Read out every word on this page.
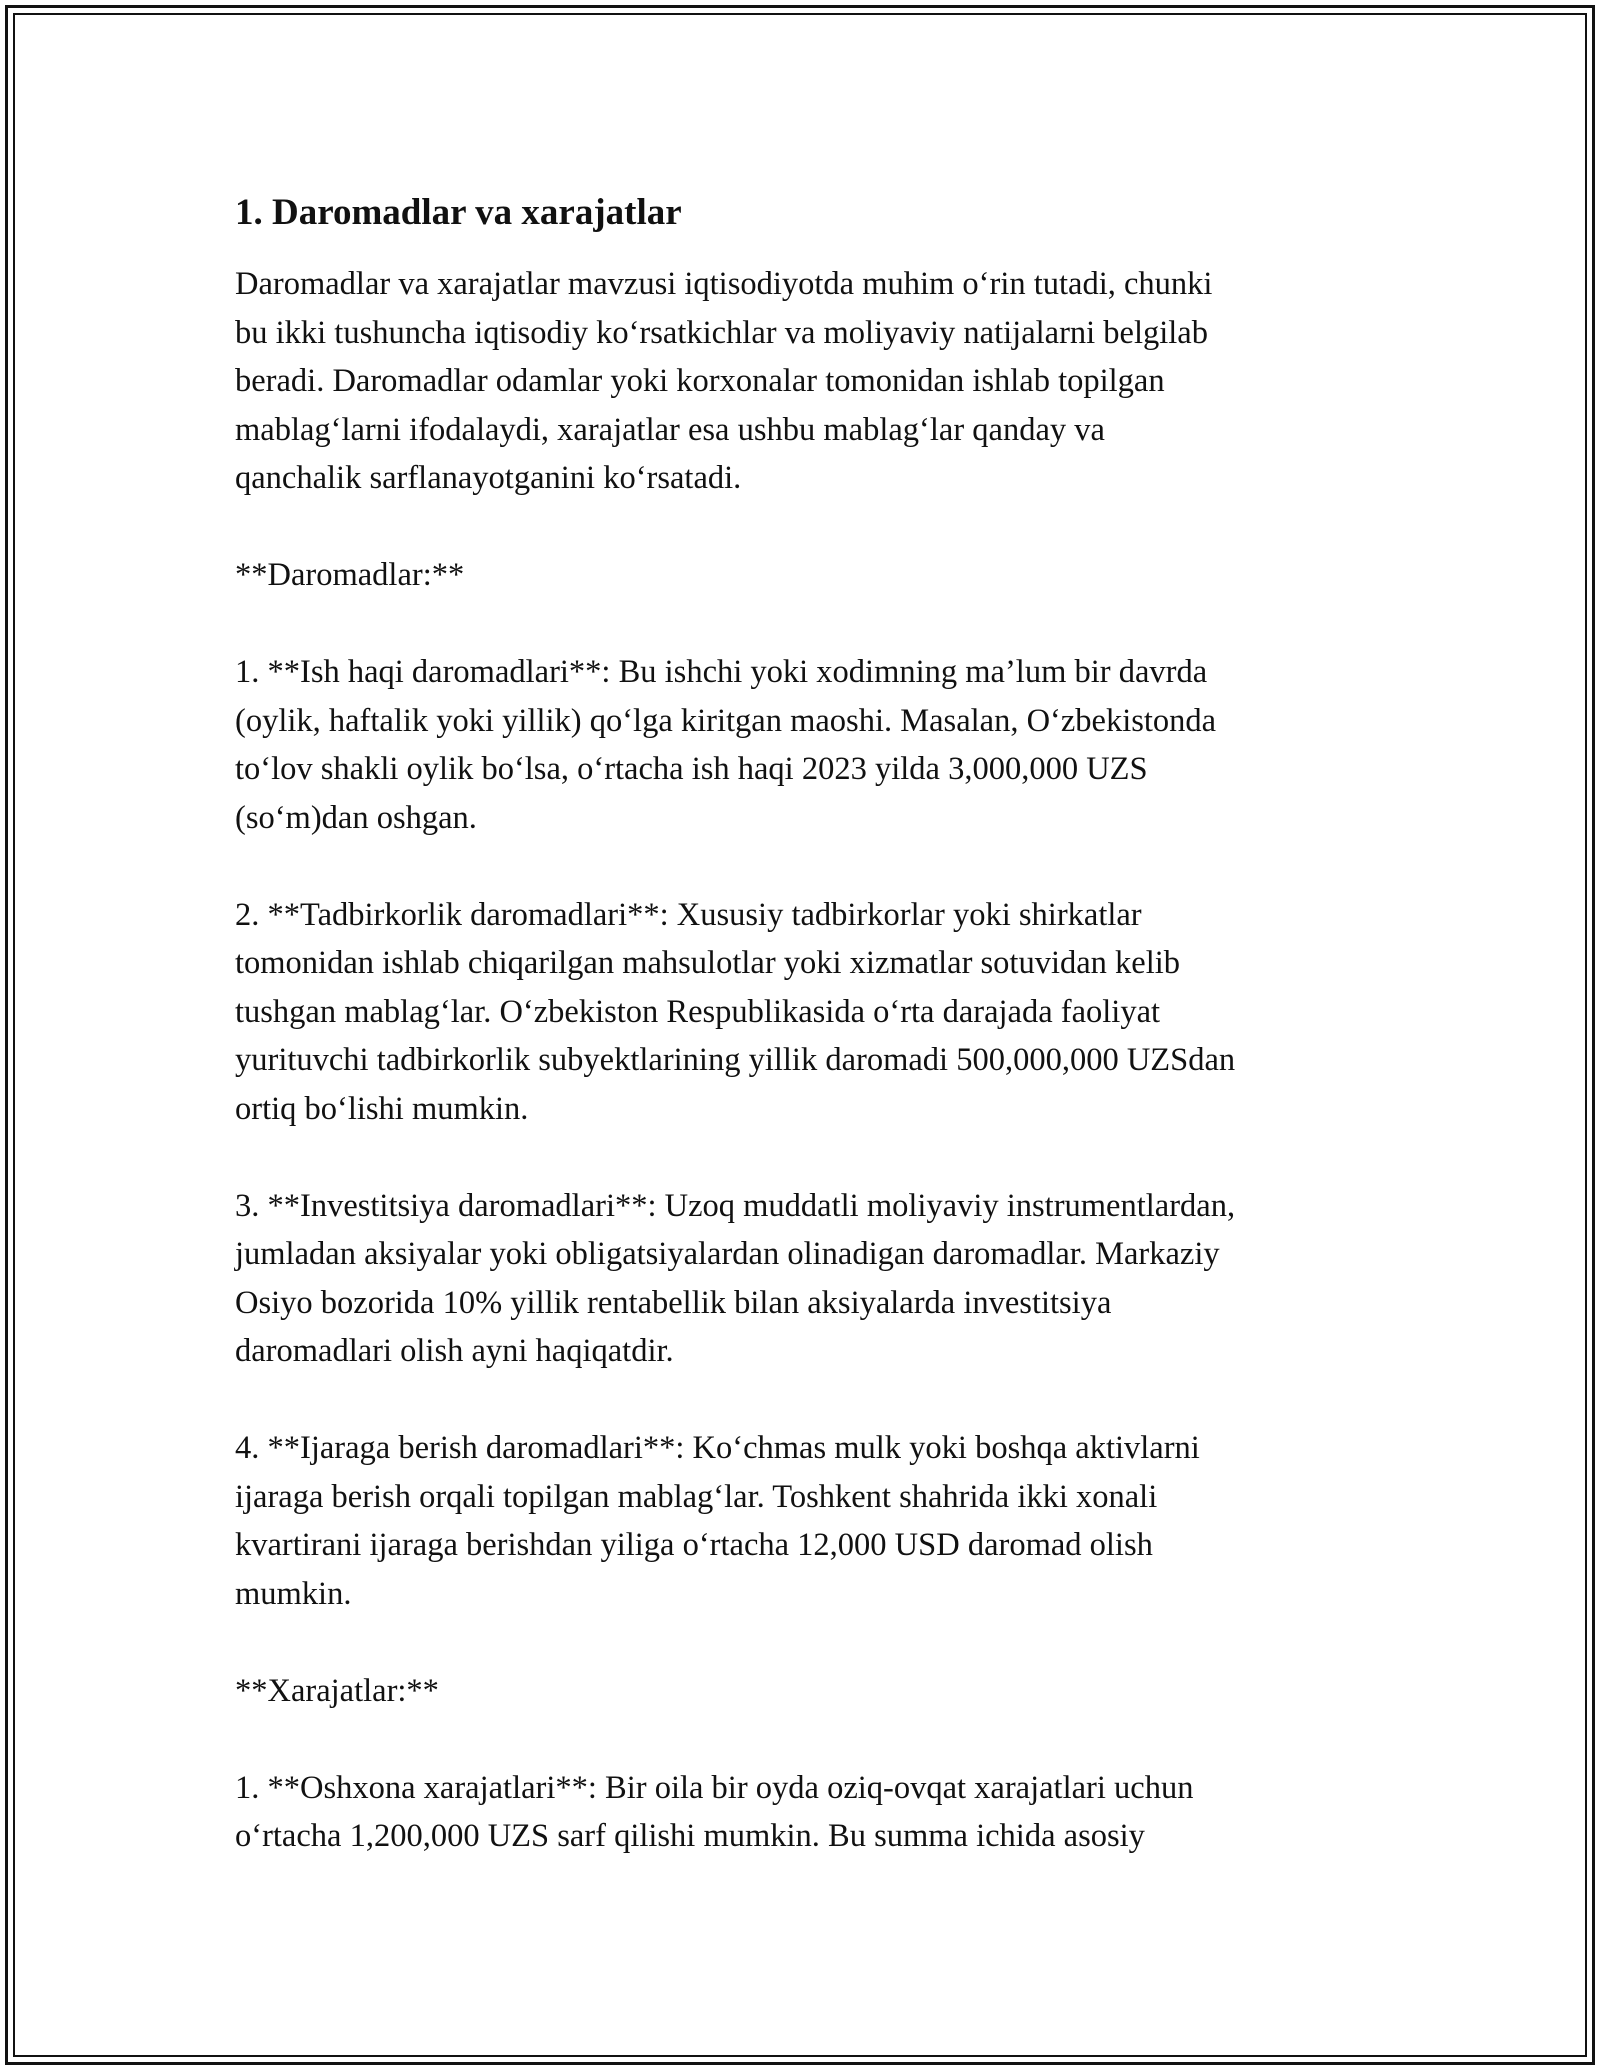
1. Daromadlar va xarajatlar
Daromadlar va xarajatlar mavzusi iqtisodiyotda muhim o‘rin tutadi, chunki
bu ikki tushuncha iqtisodiy ko‘rsatkichlar va moliyaviy natijalarni belgilab
beradi. Daromadlar odamlar yoki korxonalar tomonidan ishlab topilgan
mablag‘larni ifodalaydi, xarajatlar esa ushbu mablag‘lar qanday va
qanchalik sarflanayotganini ko‘rsatadi.
**Daromadlar:**
1. **Ish haqi daromadlari**: Bu ishchi yoki xodimning ma’lum bir davrda
(oylik, haftalik yoki yillik) qo‘lga kiritgan maoshi. Masalan, O‘zbekistonda
to‘lov shakli oylik bo‘lsa, o‘rtacha ish haqi 2023 yilda 3,000,000 UZS
(so‘m)dan oshgan.
2. **Tadbirkorlik daromadlari**: Xususiy tadbirkorlar yoki shirkatlar
tomonidan ishlab chiqarilgan mahsulotlar yoki xizmatlar sotuvidan kelib
tushgan mablag‘lar. O‘zbekiston Respublikasida o‘rta darajada faoliyat
yurituvchi tadbirkorlik subyektlarining yillik daromadi 500,000,000 UZSdan
ortiq bo‘lishi mumkin.
3. **Investitsiya daromadlari**: Uzoq muddatli moliyaviy instrumentlardan,
jumladan aksiyalar yoki obligatsiyalardan olinadigan daromadlar. Markaziy
Osiyo bozorida 10% yillik rentabellik bilan aksiyalarda investitsiya
daromadlari olish ayni haqiqatdir.
4. **Ijaraga berish daromadlari**: Ko‘chmas mulk yoki boshqa aktivlarni
ijaraga berish orqali topilgan mablag‘lar. Toshkent shahrida ikki xonali
kvartirani ijaraga berishdan yiliga o‘rtacha 12,000 USD daromad olish
mumkin.
**Xarajatlar:**
1. **Oshxona xarajatlari**: Bir oila bir oyda oziq-ovqat xarajatlari uchun
o‘rtacha 1,200,000 UZS sarf qilishi mumkin. Bu summa ichida asosiy
